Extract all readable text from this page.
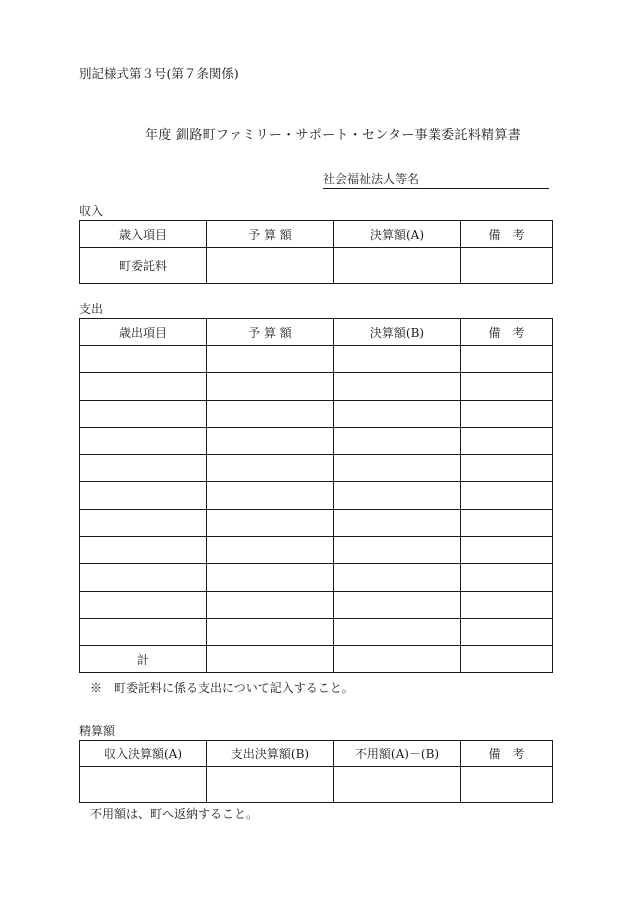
別記様式第３号(第７条関係)
年度 釧路町ファミリー・サポート・センター事業委託料精算書
社会福祉法人等名
収入
歳入項目	予 算 額	決算額(A)	備　考
町委託料			
支出
歳出項目	予 算 額	決算額(B)	備　考

計			
※　町委託料に係る支出について記入すること。
精算額
収入決算額(A)	支出決算額(B)	不用額(A)－(B)	備　考

不用額は、町へ返納すること。
